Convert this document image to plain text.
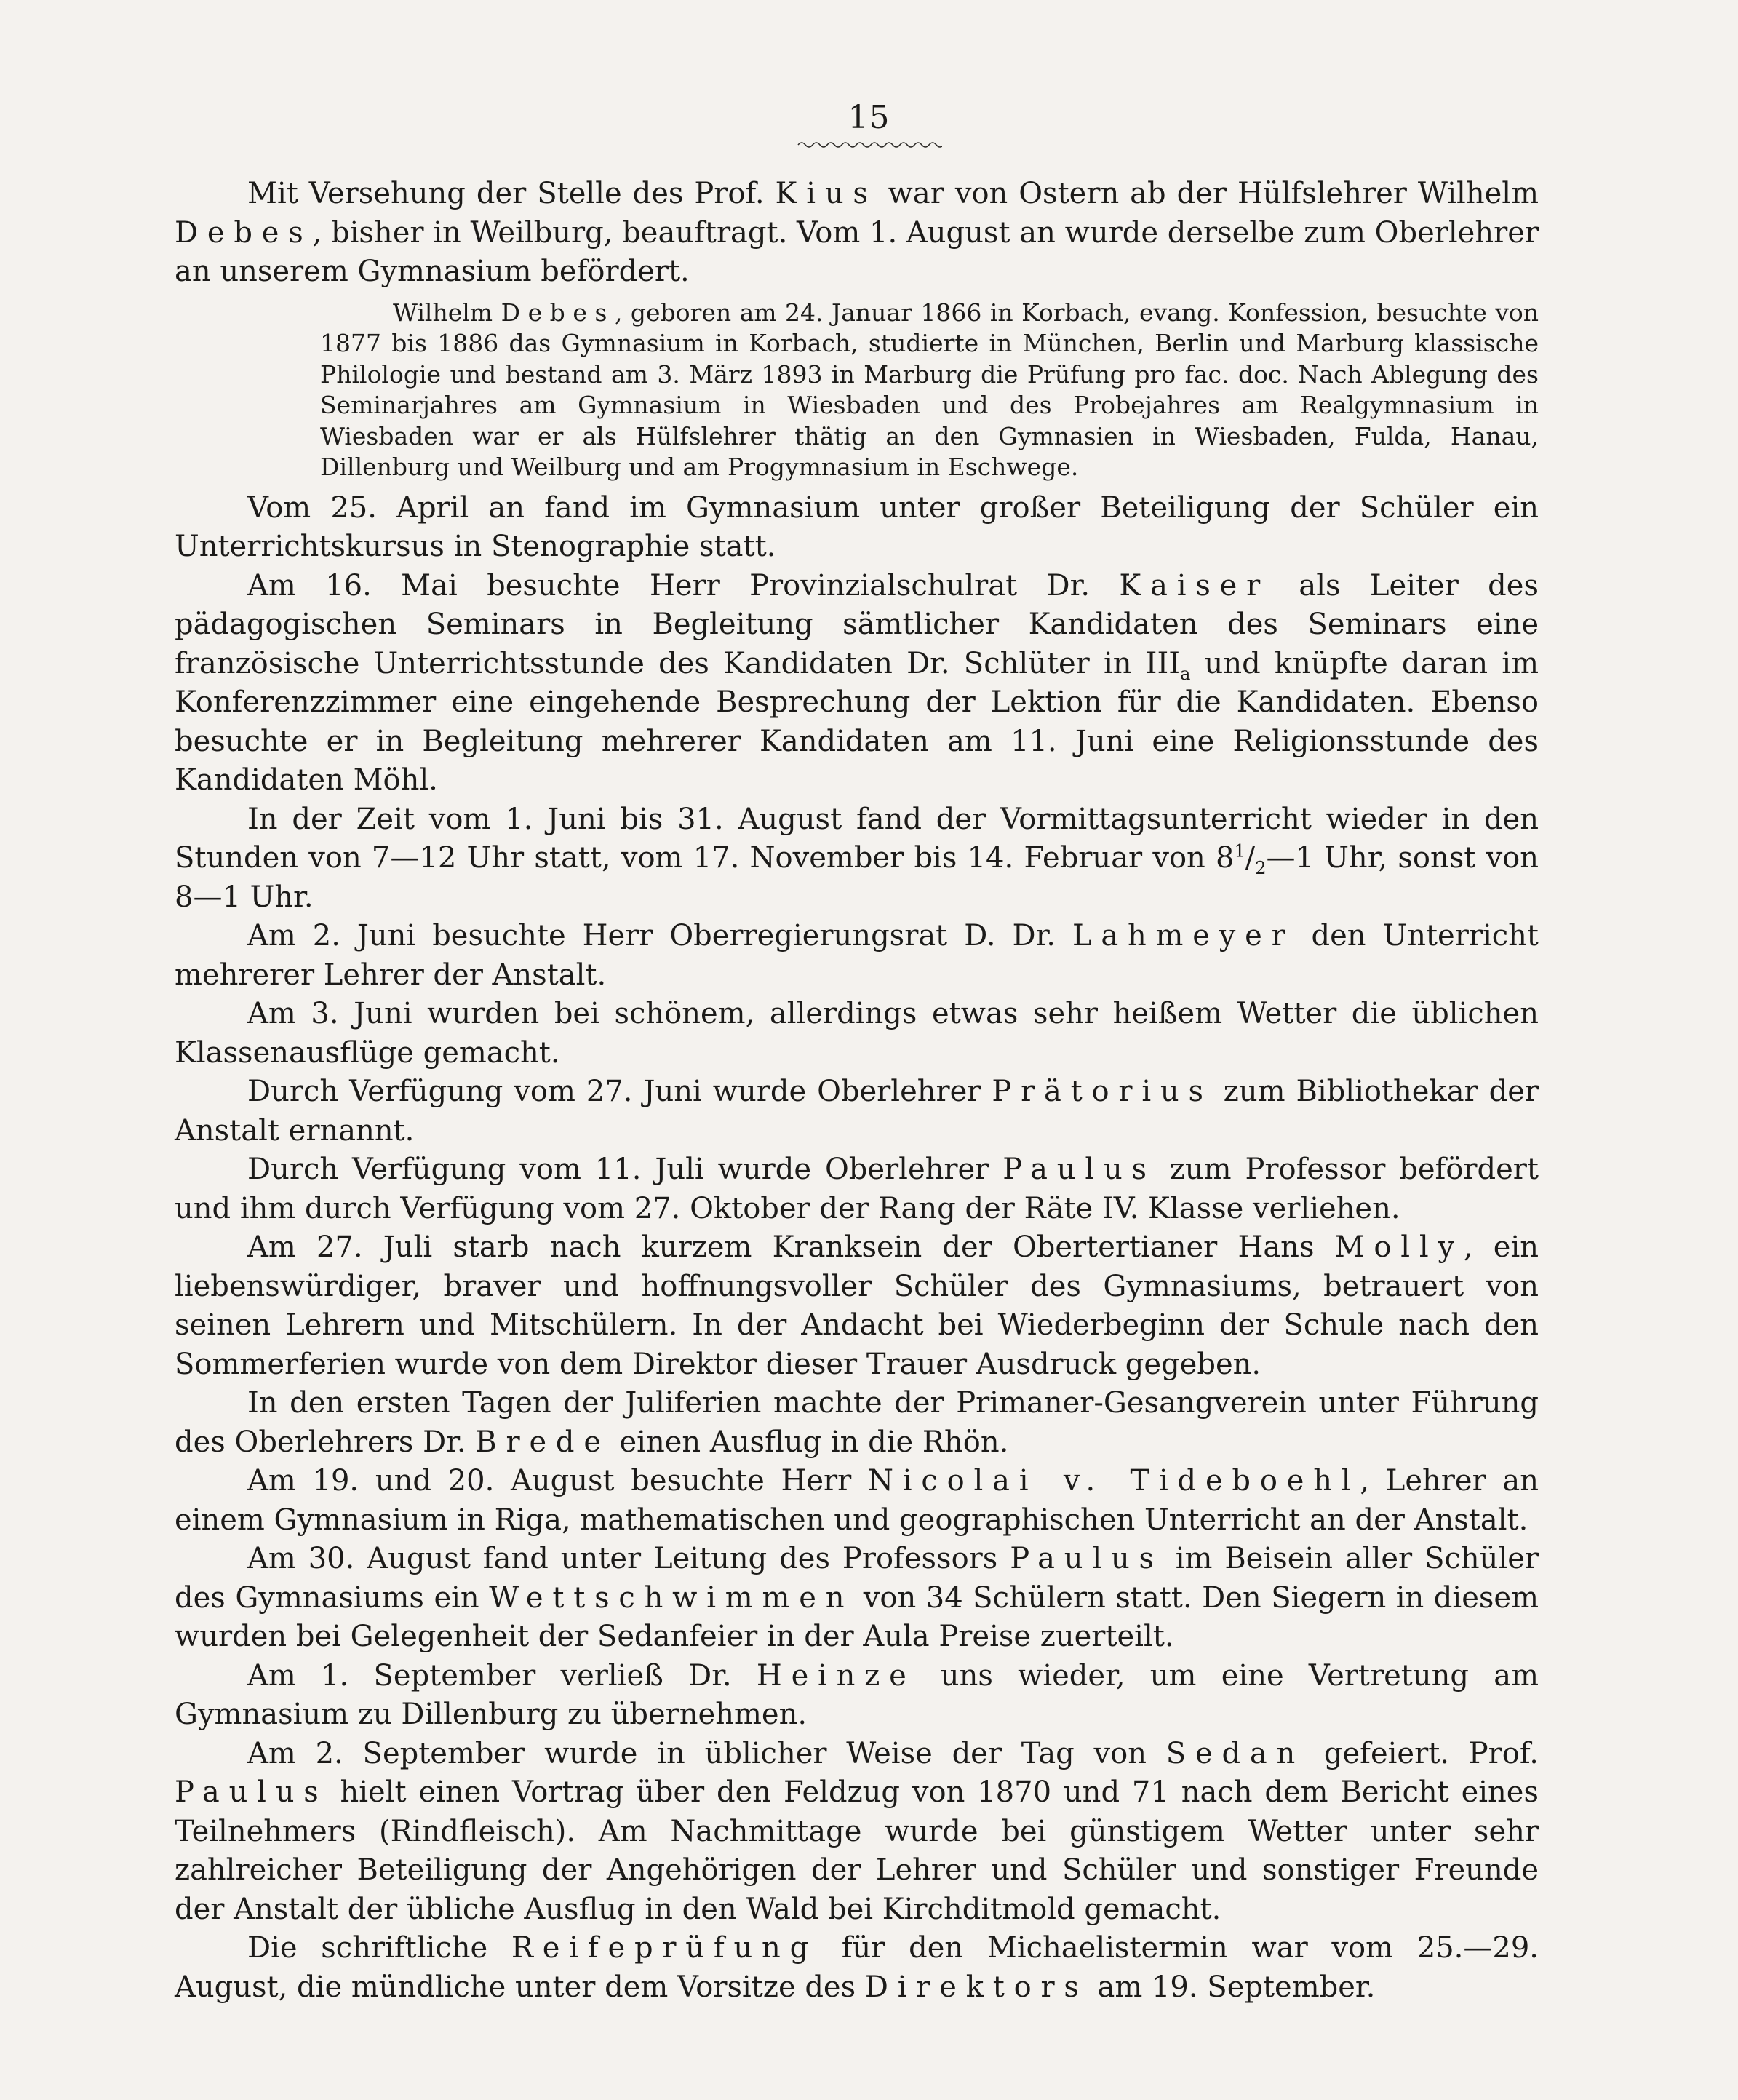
15

Mit Versehung der Stelle des Prof. Kius war von Ostern ab der Hülfslehrer Wilhelm Debes, bisher in Weilburg, beauftragt. Vom 1. August an wurde derselbe zum Oberlehrer an unserem Gymnasium befördert.

Wilhelm Debes, geboren am 24. Januar 1866 in Korbach, evang. Konfession, besuchte von 1877 bis 1886 das Gymnasium in Korbach, studierte in München, Berlin und Marburg klassische Philologie und bestand am 3. März 1893 in Marburg die Prüfung pro fac. doc. Nach Ablegung des Seminarjahres am Gymnasium in Wiesbaden und des Probejahres am Realgymnasium in Wiesbaden war er als Hülfslehrer thätig an den Gymnasien in Wiesbaden, Fulda, Hanau, Dillenburg und Weilburg und am Progymnasium in Eschwege.

Vom 25. April an fand im Gymnasium unter großer Beteiligung der Schüler ein Unterrichtskursus in Stenographie statt.

Am 16. Mai besuchte Herr Provinzialschulrat Dr. Kaiser als Leiter des pädagogischen Seminars in Begleitung sämtlicher Kandidaten des Seminars eine französische Unterrichtsstunde des Kandidaten Dr. Schlüter in $III_a$ und knüpfte daran im Konferenzzimmer eine eingehende Besprechung der Lektion für die Kandidaten. Ebenso besuchte er in Begleitung mehrerer Kandidaten am 11. Juni eine Religionsstunde des Kandidaten Möhl.

In der Zeit vom 1. Juni bis 31. August fand der Vormittagsunterricht wieder in den Stunden von 7—12 Uhr statt, vom 17. November bis 14. Februar von $8^1/_2—1$ Uhr, sonst von 8—1 Uhr.

Am 2. Juni besuchte Herr Oberregierungsrat D. Dr. Lahmeyer den Unterricht mehrerer Lehrer der Anstalt.

Am 3. Juni wurden bei schönem, allerdings etwas sehr heißem Wetter die üblichen Klassenausflüge gemacht.

Durch Verfügung vom 27. Juni wurde Oberlehrer Prätorius zum Bibliothekar der Anstalt ernannt.

Durch Verfügung vom 11. Juli wurde Oberlehrer Paulus zum Professor befördert und ihm durch Verfügung vom 27. Oktober der Rang der Räte IV. Klasse verliehen.

Am 27. Juli starb nach kurzem Kranksein der Obertertianer Hans Molly, ein liebenswürdiger, braver und hoffnungsvoller Schüler des Gymnasiums, betrauert von seinen Lehrern und Mitschülern. In der Andacht bei Wiederbeginn der Schule nach den Sommerferien wurde von dem Direktor dieser Trauer Ausdruck gegeben.

In den ersten Tagen der Juliferien machte der Primaner-Gesangverein unter Führung des Oberlehrers Dr. Brede einen Ausflug in die Rhön.

Am 19. und 20. August besuchte Herr Nicolai v. Tideboehl, Lehrer an einem Gymnasium in Riga, mathematischen und geographischen Unterricht an der Anstalt.

Am 30. August fand unter Leitung des Professors Paulus im Beisein aller Schüler des Gymnasiums ein Wettschwimmen von 34 Schülern statt. Den Siegern in diesem wurden bei Gelegenheit der Sedanfeier in der Aula Preise zuerteilt.

Am 1. September verließ Dr. Heinze uns wieder, um eine Vertretung am Gymnasium zu Dillenburg zu übernehmen.

Am 2. September wurde in üblicher Weise der Tag von Sedan gefeiert. Prof. Paulus hielt einen Vortrag über den Feldzug von 1870 und 71 nach dem Bericht eines Teilnehmers (Rindfleisch). Am Nachmittage wurde bei günstigem Wetter unter sehr zahlreicher Beteiligung der Angehörigen der Lehrer und Schüler und sonstiger Freunde der Anstalt der übliche Ausflug in den Wald bei Kirchditmold gemacht.

Die schriftliche Reifeprüfung für den Michaelistermin war vom 25.—29. August, die mündliche unter dem Vorsitze des Direktors am 19. September.
